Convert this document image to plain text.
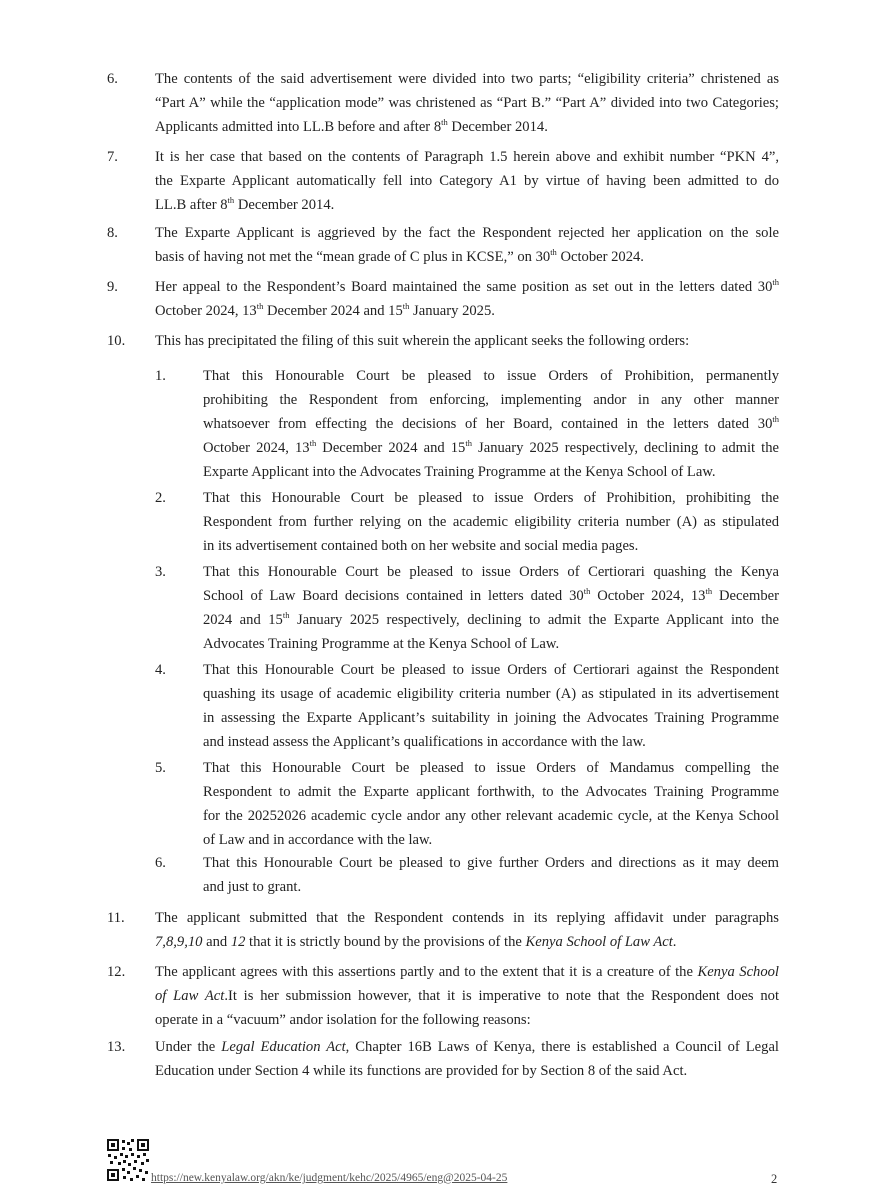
6.	The contents of the said advertisement were divided into two parts; “eligibility criteria” christened as
“Part A” while the “application mode” was christened as “Part B.” “Part A” divided into two Categories;
Applicants admitted into LL.B before and after 8th December 2014.
7.	It is her case that based on the contents of Paragraph 1.5 herein above and exhibit number “PKN 4”,
the Exparte Applicant automatically fell into Category A1 by virtue of having been admitted to do
LL.B after 8th December 2014.
8.	The Exparte Applicant is aggrieved by the fact the Respondent rejected her application on the sole
basis of having not met the “mean grade of C plus in KCSE,” on 30th October 2024.
9.	Her appeal to the Respondent’s Board maintained the same position as set out in the letters dated 30th
October 2024, 13th December 2024 and 15th January 2025.
10. This has precipitated the filing of this suit wherein the applicant seeks the following orders:
1.	That this Honourable Court be pleased to issue Orders of Prohibition, permanently
prohibiting the Respondent from enforcing, implementing andor in any other manner
whatsoever from effecting the decisions of her Board, contained in the letters dated 30th
October 2024, 13th December 2024 and 15th January 2025 respectively, declining to admit the
Exparte Applicant into the Advocates Training Programme at the Kenya School of Law.
2.	That this Honourable Court be pleased to issue Orders of Prohibition, prohibiting the
Respondent from further relying on the academic eligibility criteria number (A) as stipulated
in its advertisement contained both on her website and social media pages.
3.	That this Honourable Court be pleased to issue Orders of Certiorari quashing the Kenya
School of Law Board decisions contained in letters dated 30th October 2024, 13th December
2024 and 15th January 2025 respectively, declining to admit the Exparte Applicant into the
Advocates Training Programme at the Kenya School of Law.
4.	That this Honourable Court be pleased to issue Orders of Certiorari against the Respondent
quashing its usage of academic eligibility criteria number (A) as stipulated in its advertisement
in assessing the Exparte Applicant’s suitability in joining the Advocates Training Programme
and instead assess the Applicant’s qualifications in accordance with the law.
5.	That this Honourable Court be pleased to issue Orders of Mandamus compelling the
Respondent to admit the Exparte applicant forthwith, to the Advocates Training Programme
for the 20252026 academic cycle andor any other relevant academic cycle, at the Kenya School
of Law and in accordance with the law.
6.	That this Honourable Court be pleased to give further Orders and directions as it may deem
and just to grant.
11. The applicant submitted that the Respondent contends in its replying affidavit under paragraphs
7,8,9,10 and 12 that it is strictly bound by the provisions of the Kenya School of Law Act.
12. The applicant agrees with this assertions partly and to the extent that it is a creature of the Kenya School
of Law Act.It is her submission however, that it is imperative to note that the Respondent does not
operate in a “vacuum” andor isolation for the following reasons:
13. Under the Legal Education Act, Chapter 16B Laws of Kenya, there is established a Council of Legal
Education under Section 4 while its functions are provided for by Section 8 of the said Act.
https://new.kenyalaw.org/akn/ke/judgment/kehc/2025/4965/eng@2025-04-25	2
